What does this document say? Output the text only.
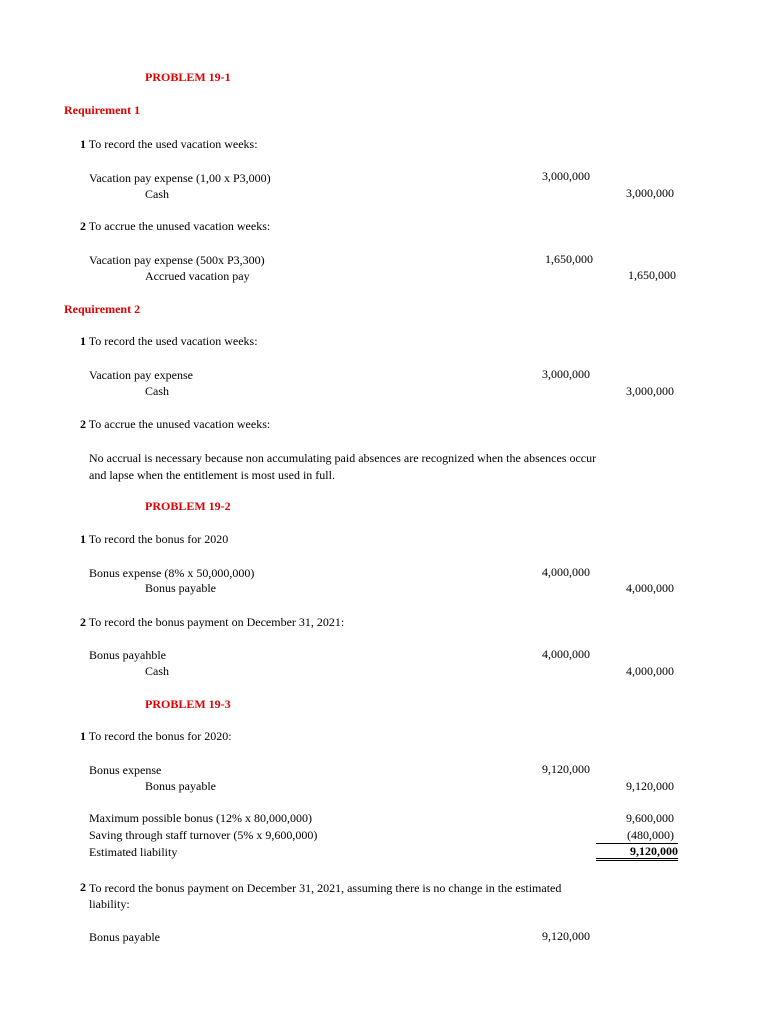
PROBLEM 19-1
Requirement 1
1 To record the used vacation weeks:
Vacation pay expense (1,00 x P3,000)	3,000,000
Cash	3,000,000
2 To accrue the unused vacation weeks:
Vacation pay expense (500x P3,300)	1,650,000
Accrued vacation pay	1,650,000
Requirement 2
1 To record the used vacation weeks:
Vacation pay expense	3,000,000
Cash	3,000,000
2 To accrue the unused vacation weeks:
No accrual is necessary because non accumulating paid absences are recognized when the absences occur and lapse when the entitlement is most used in full.
PROBLEM 19-2
1 To record the bonus for 2020
Bonus expense (8% x 50,000,000)	4,000,000
Bonus payable	4,000,000
2 To record the bonus payment on December 31, 2021:
Bonus payahble	4,000,000
Cash	4,000,000
PROBLEM 19-3
1 To record the bonus for 2020:
Bonus expense	9,120,000
Bonus payable	9,120,000
Maximum possible bonus (12% x 80,000,000)	9,600,000
Saving through staff turnover (5% x 9,600,000)	(480,000)
Estimated liability	9,120,000
2 To record the bonus payment on December 31, 2021, assuming there is no change in the estimated liability:
Bonus payable	9,120,000
